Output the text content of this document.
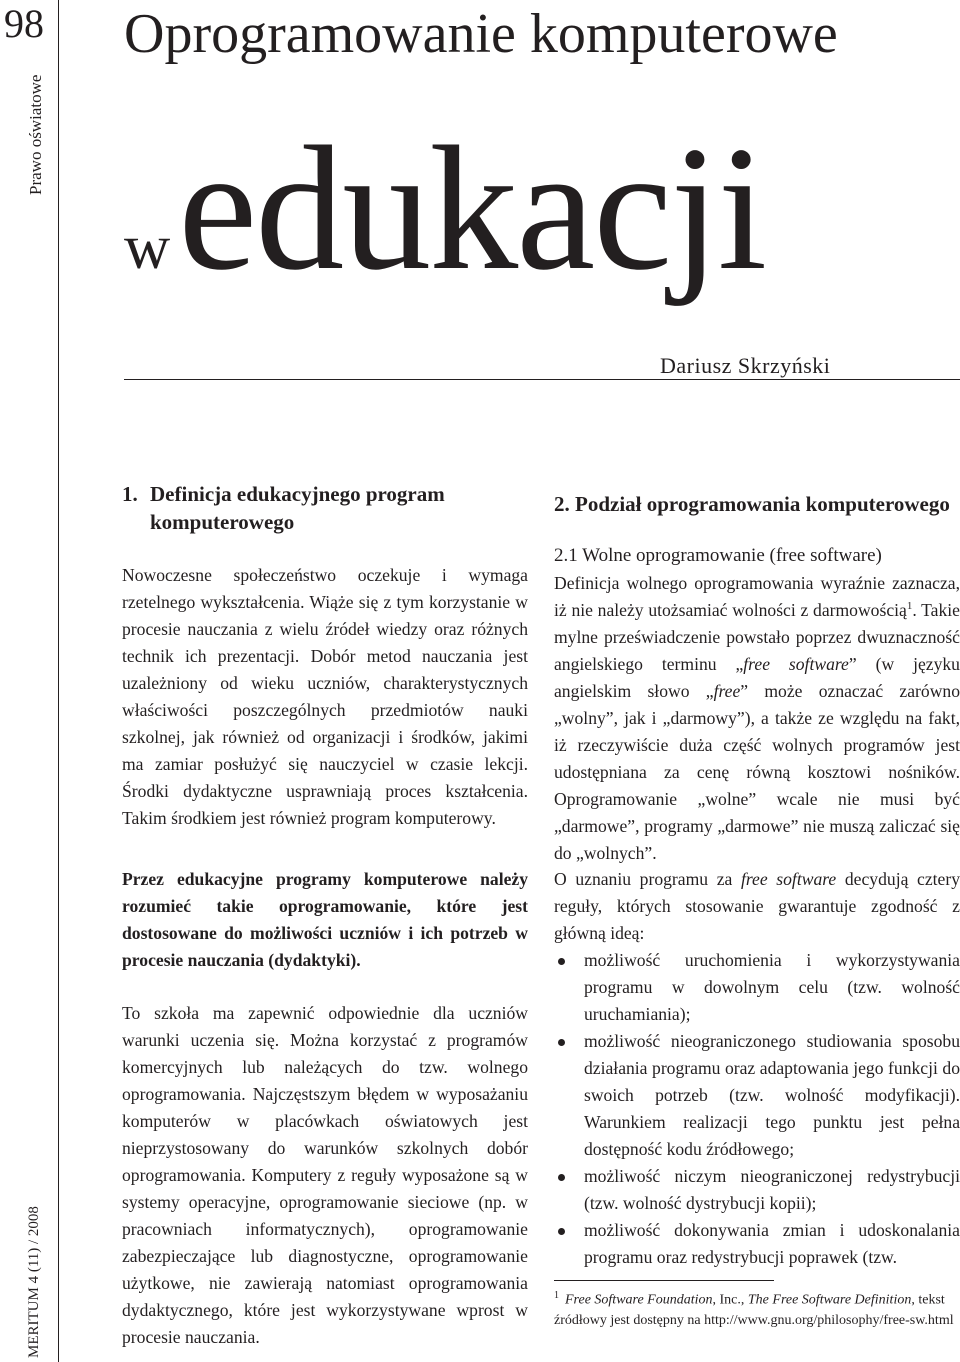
98
Prawo oświatowe
MERITUM 4 (11) / 2008
Oprogramowanie komputerowe
wedukacji
Dariusz Skrzyński
1. Definicja edukacyjnego program
komputerowego

Nowoczesne społeczeństwo oczekuje i wymaga rzetelnego wykształcenia. Wiąże się z tym korzystanie w procesie nauczania z wielu źródeł wiedzy oraz różnych technik ich prezentacji. Dobór metod nauczania jest uzależniony od wieku uczniów, charakterystycznych właściwości poszczególnych przedmiotów nauki szkolnej, jak również od organizacji i środków, jakimi ma zamiar posłużyć się nauczyciel w czasie lekcji. Środki dydaktyczne usprawniają proces kształcenia. Takim środkiem jest również program komputerowy.

Przez edukacyjne programy komputerowe należy rozumieć takie oprogramowanie, które jest dostosowane do możliwości uczniów i ich potrzeb w procesie nauczania (dydaktyki).

To szkoła ma zapewnić odpowiednie dla uczniów warunki uczenia się. Można korzystać z programów komercyjnych lub należących do tzw. wolnego oprogramowania. Najczęstszym błędem w wyposażaniu komputerów w placówkach oświatowych jest nieprzystosowany do warunków szkolnych dobór oprogramowania. Komputery z reguły wyposażone są w systemy operacyjne, oprogramowanie sieciowe (np. w pracowniach informatycznych), oprogramowanie zabezpieczające lub diagnostyczne, oprogramowanie użytkowe, nie zawierają natomiast oprogramowania dydaktycznego, które jest wykorzystywane wprost w procesie nauczania.

2. Podział oprogramowania komputerowego
2.1 Wolne oprogramowanie (free software)

Definicja wolnego oprogramowania wyraźnie zaznacza, iż nie należy utożsamiać wolności z darmowością$^1$. Takie mylne przeświadczenie powstało poprzez dwuznaczność angielskiego terminu „free software” (w języku angielskim słowo „free” może oznaczać zarówno „wolny”, jak i „darmowy”), a także ze względu na fakt, iż rzeczywiście duża część wolnych programów jest udostępniana za cenę równą kosztowi nośników. Oprogramowanie „wolne” wcale nie musi być „darmowe”, programy „darmowe” nie muszą zaliczać się do „wolnych”.

O uznaniu programu za free software decydują cztery reguły, których stosowanie gwarantuje zgodność z główną ideą:

możliwość uruchomienia i wykorzystywania programu w dowolnym celu (tzw. wolność uruchamiania);
możliwość nieograniczonego studiowania sposobu działania programu oraz adaptowania jego funkcji do swoich potrzeb (tzw. wolność modyfikacji). Warunkiem realizacji tego punktu jest pełna dostępność kodu źródłowego;
możliwość niczym nieograniczonej redystrybucji (tzw. wolność dystrybucji kopii);
możliwość dokonywania zmian i udoskonalania programu oraz redystrybucji poprawek (tzw.
$^1$ Free Software Foundation, Inc., The Free Software Definition, tekst źródłowy jest dostępny na http://www.gnu.org/philosophy/free-sw.html
